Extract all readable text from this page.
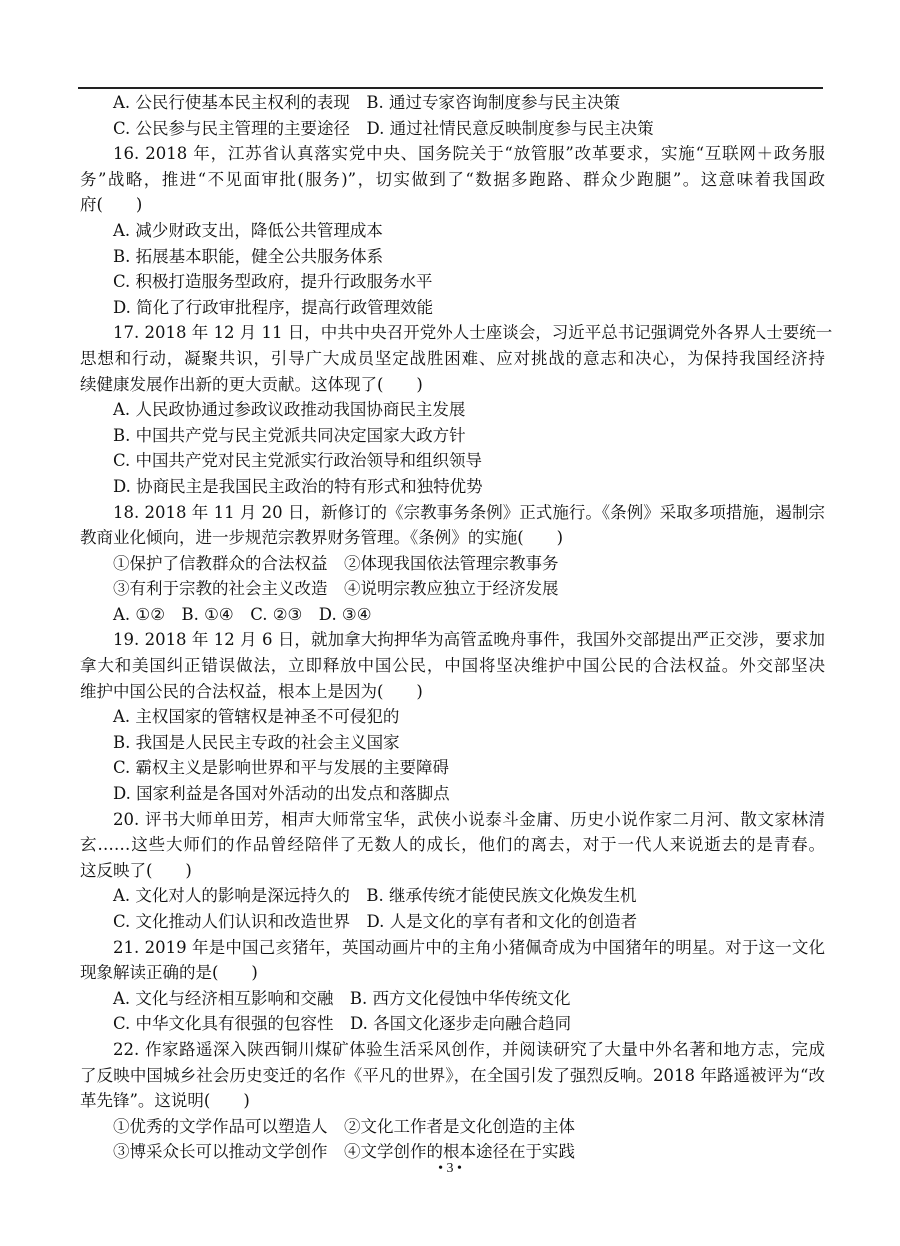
A. 公民行使基本民主权利的表现　B. 通过专家咨询制度参与民主决策
C. 公民参与民主管理的主要途径　D. 通过社情民意反映制度参与民主决策
16. 2018 年，江苏省认真落实党中央、国务院关于“放管服”改革要求，实施“互联网＋政务服
务”战略，推进“不见面审批(服务)”，切实做到了“数据多跑路、群众少跑腿”。这意味着我国政
府(　　)
A. 减少财政支出，降低公共管理成本
B. 拓展基本职能，健全公共服务体系
C. 积极打造服务型政府，提升行政服务水平
D. 简化了行政审批程序，提高行政管理效能
17. 2018 年 12 月 11 日，中共中央召开党外人士座谈会，习近平总书记强调党外各界人士要统一
思想和行动，凝聚共识，引导广大成员坚定战胜困难、应对挑战的意志和决心，为保持我国经济持
续健康发展作出新的更大贡献。这体现了(　　)
A. 人民政协通过参政议政推动我国协商民主发展
B. 中国共产党与民主党派共同决定国家大政方针
C. 中国共产党对民主党派实行政治领导和组织领导
D. 协商民主是我国民主政治的特有形式和独特优势
18. 2018 年 11 月 20 日，新修订的《宗教事务条例》正式施行。《条例》采取多项措施，遏制宗
教商业化倾向，进一步规范宗教界财务管理。《条例》的实施(　　)
①保护了信教群众的合法权益　②体现我国依法管理宗教事务
③有利于宗教的社会主义改造　④说明宗教应独立于经济发展
A. ①②　B. ①④　C. ②③　D. ③④
19. 2018 年 12 月 6 日，就加拿大拘押华为高管孟晚舟事件，我国外交部提出严正交涉，要求加
拿大和美国纠正错误做法，立即释放中国公民，中国将坚决维护中国公民的合法权益。外交部坚决
维护中国公民的合法权益，根本上是因为(　　)
A. 主权国家的管辖权是神圣不可侵犯的
B. 我国是人民民主专政的社会主义国家
C. 霸权主义是影响世界和平与发展的主要障碍
D. 国家利益是各国对外活动的出发点和落脚点
20. 评书大师单田芳，相声大师常宝华，武侠小说泰斗金庸、历史小说作家二月河、散文家林清
玄……这些大师们的作品曾经陪伴了无数人的成长，他们的离去，对于一代人来说逝去的是青春。
这反映了(　　)
A. 文化对人的影响是深远持久的　B. 继承传统才能使民族文化焕发生机
C. 文化推动人们认识和改造世界　D. 人是文化的享有者和文化的创造者
21. 2019 年是中国己亥猪年，英国动画片中的主角小猪佩奇成为中国猪年的明星。对于这一文化
现象解读正确的是(　　)
A. 文化与经济相互影响和交融　B. 西方文化侵蚀中华传统文化
C. 中华文化具有很强的包容性　D. 各国文化逐步走向融合趋同
22. 作家路遥深入陕西铜川煤矿体验生活采风创作，并阅读研究了大量中外名著和地方志，完成
了反映中国城乡社会历史变迁的名作《平凡的世界》，在全国引发了强烈反响。2018 年路遥被评为“改
革先锋”。这说明(　　)
①优秀的文学作品可以塑造人　②文化工作者是文化创造的主体
③博采众长可以推动文学创作　④文学创作的根本途径在于实践
• 3 •
